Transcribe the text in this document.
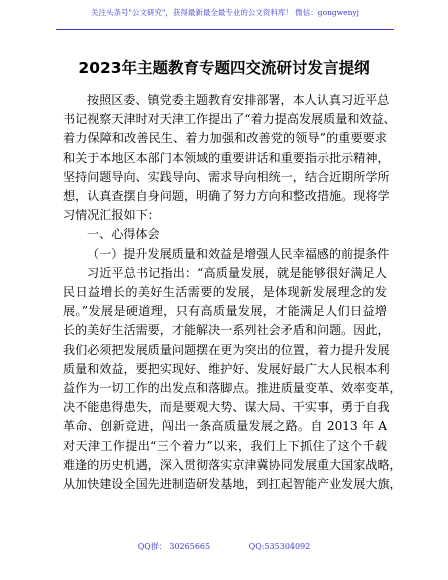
关注头条号"公文研究"，获得最新最全最专业的公文资料库！ 微信：gongwenyj
2023年主题教育专题四交流研讨发言提纲

按照区委、镇党委主题教育安排部署，本人认真习近平总
书记视察天津时对天津工作提出了“着力提高发展质量和效益、
着力保障和改善民生、着力加强和改善党的领导”的重要要求
和关于本地区本部门本领域的重要讲话和重要指示批示精神，
坚持问题导向、实践导向、需求导向相统一，结合近期所学所
想，认真查摆自身问题，明确了努力方向和整改措施。现将学
习情况汇报如下：

一、心得体会
（一）提升发展质量和效益是增强人民幸福感的前提条件

习近平总书记指出：“高质量发展，就是能够很好满足人
民日益增长的美好生活需要的发展，是体现新发展理念的发
展。”发展是硬道理，只有高质量发展，才能满足人们日益增
长的美好生活需要，才能解决一系列社会矛盾和问题。因此，
我们必须把发展质量问题摆在更为突出的位置，着力提升发展
质量和效益，要把实现好、维护好、发展好最广大人民根本利
益作为一切工作的出发点和落脚点。推进质量变革、效率变革，
决不能患得患失，而是要观大势、谋大局、干实事，勇于自我
革命、创新竞进，闯出一条高质量发展之路。自 2013 年 A
对天津工作提出“三个着力”以来，我们上下抓住了这个千载
难逢的历史机遇，深入贯彻落实京津冀协同发展重大国家战略，
从加快建设全国先进制造研发基地，到扛起智能产业发展大旗，

QQ群： 30265665	QQ:535304092
